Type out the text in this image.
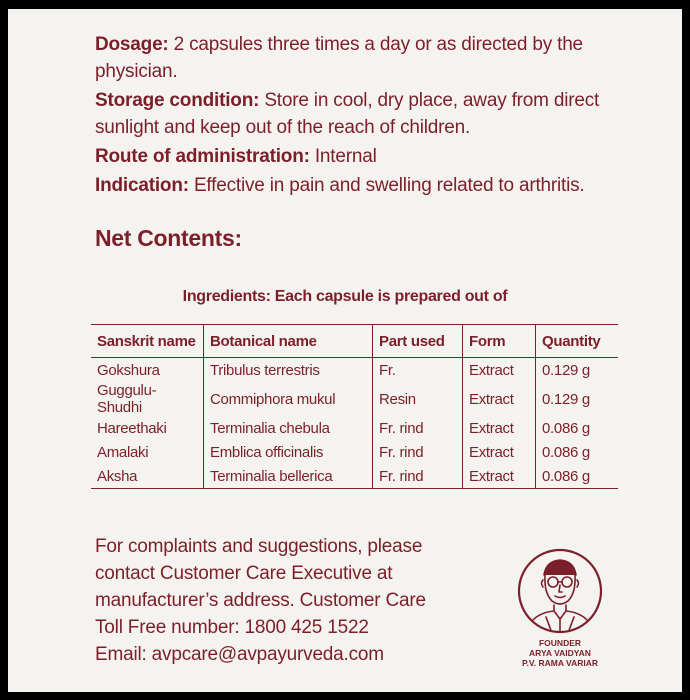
Dosage: 2 capsules three times a day or as directed by the physician.

Storage condition: Store in cool, dry place, away from direct sunlight and keep out of the reach of children.

Route of administration: Internal

Indication: Effective in pain and swelling related to arthritis.

Net Contents:
Ingredients: Each capsule is prepared out of
Sanskrit name	Botanical name	Part used	Form	Quantity
Gokshura	Tribulus terrestris	Fr.	Extract	0.129 g
Guggulu-Shudhi	Commiphora mukul	Resin	Extract	0.129 g
Hareethaki	Terminalia chebula	Fr. rind	Extract	0.086 g
Amalaki	Emblica officinalis	Fr. rind	Extract	0.086 g
Aksha	Terminalia bellerica	Fr. rind	Extract	0.086 g

For complaints and suggestions, please

contact Customer Care Executive at

manufacturer’s address. Customer Care

Toll Free number: 1800 425 1522

Email: avpcare@avpayurveda.com

FOUNDER
ARYA VAIDYAN
P.V. RAMA VARIAR
